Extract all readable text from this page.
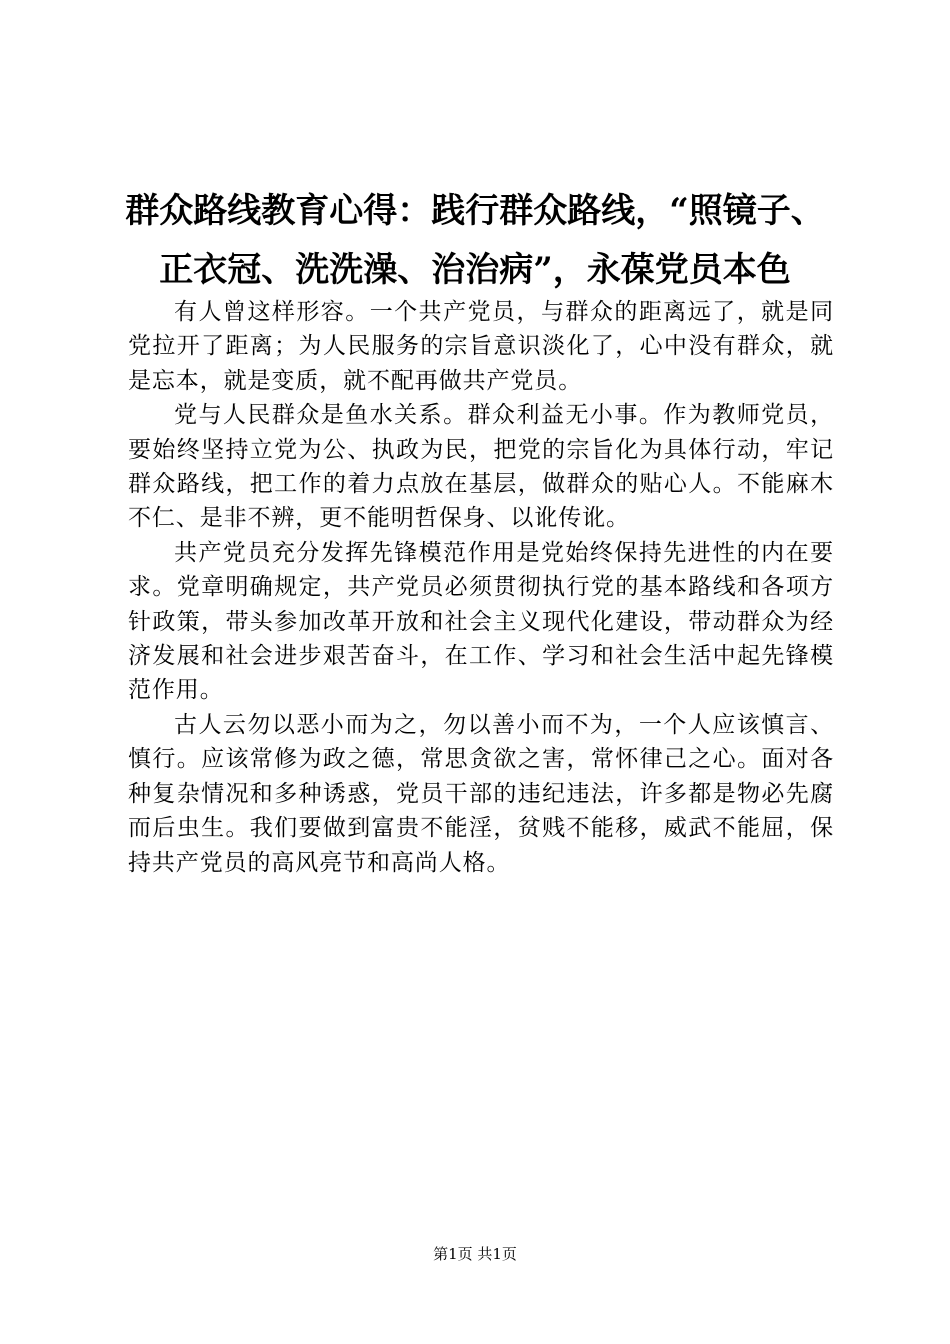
群众路线教育心得：践行群众路线，“照镜子、
正衣冠、洗洗澡、治治病”，永葆党员本色

有人曾这样形容。一个共产党员，与群众的距离远了，就是同党拉开了距离；为人民服务的宗旨意识淡化了，心中没有群众，就是忘本，就是变质，就不配再做共产党员。

党与人民群众是鱼水关系。群众利益无小事。作为教师党员，要始终坚持立党为公、执政为民，把党的宗旨化为具体行动，牢记群众路线，把工作的着力点放在基层，做群众的贴心人。不能麻木不仁、是非不辨，更不能明哲保身、以讹传讹。

共产党员充分发挥先锋模范作用是党始终保持先进性的内在要求。党章明确规定，共产党员必须贯彻执行党的基本路线和各项方针政策，带头参加改革开放和社会主义现代化建设，带动群众为经济发展和社会进步艰苦奋斗，在工作、学习和社会生活中起先锋模范作用。

古人云勿以恶小而为之，勿以善小而不为，一个人应该慎言、慎行。应该常修为政之德，常思贪欲之害，常怀律己之心。面对各种复杂情况和多种诱惑，党员干部的违纪违法，许多都是物必先腐而后虫生。我们要做到富贵不能淫，贫贱不能移，威武不能屈，保持共产党员的高风亮节和高尚人格。

第1页 共1页
